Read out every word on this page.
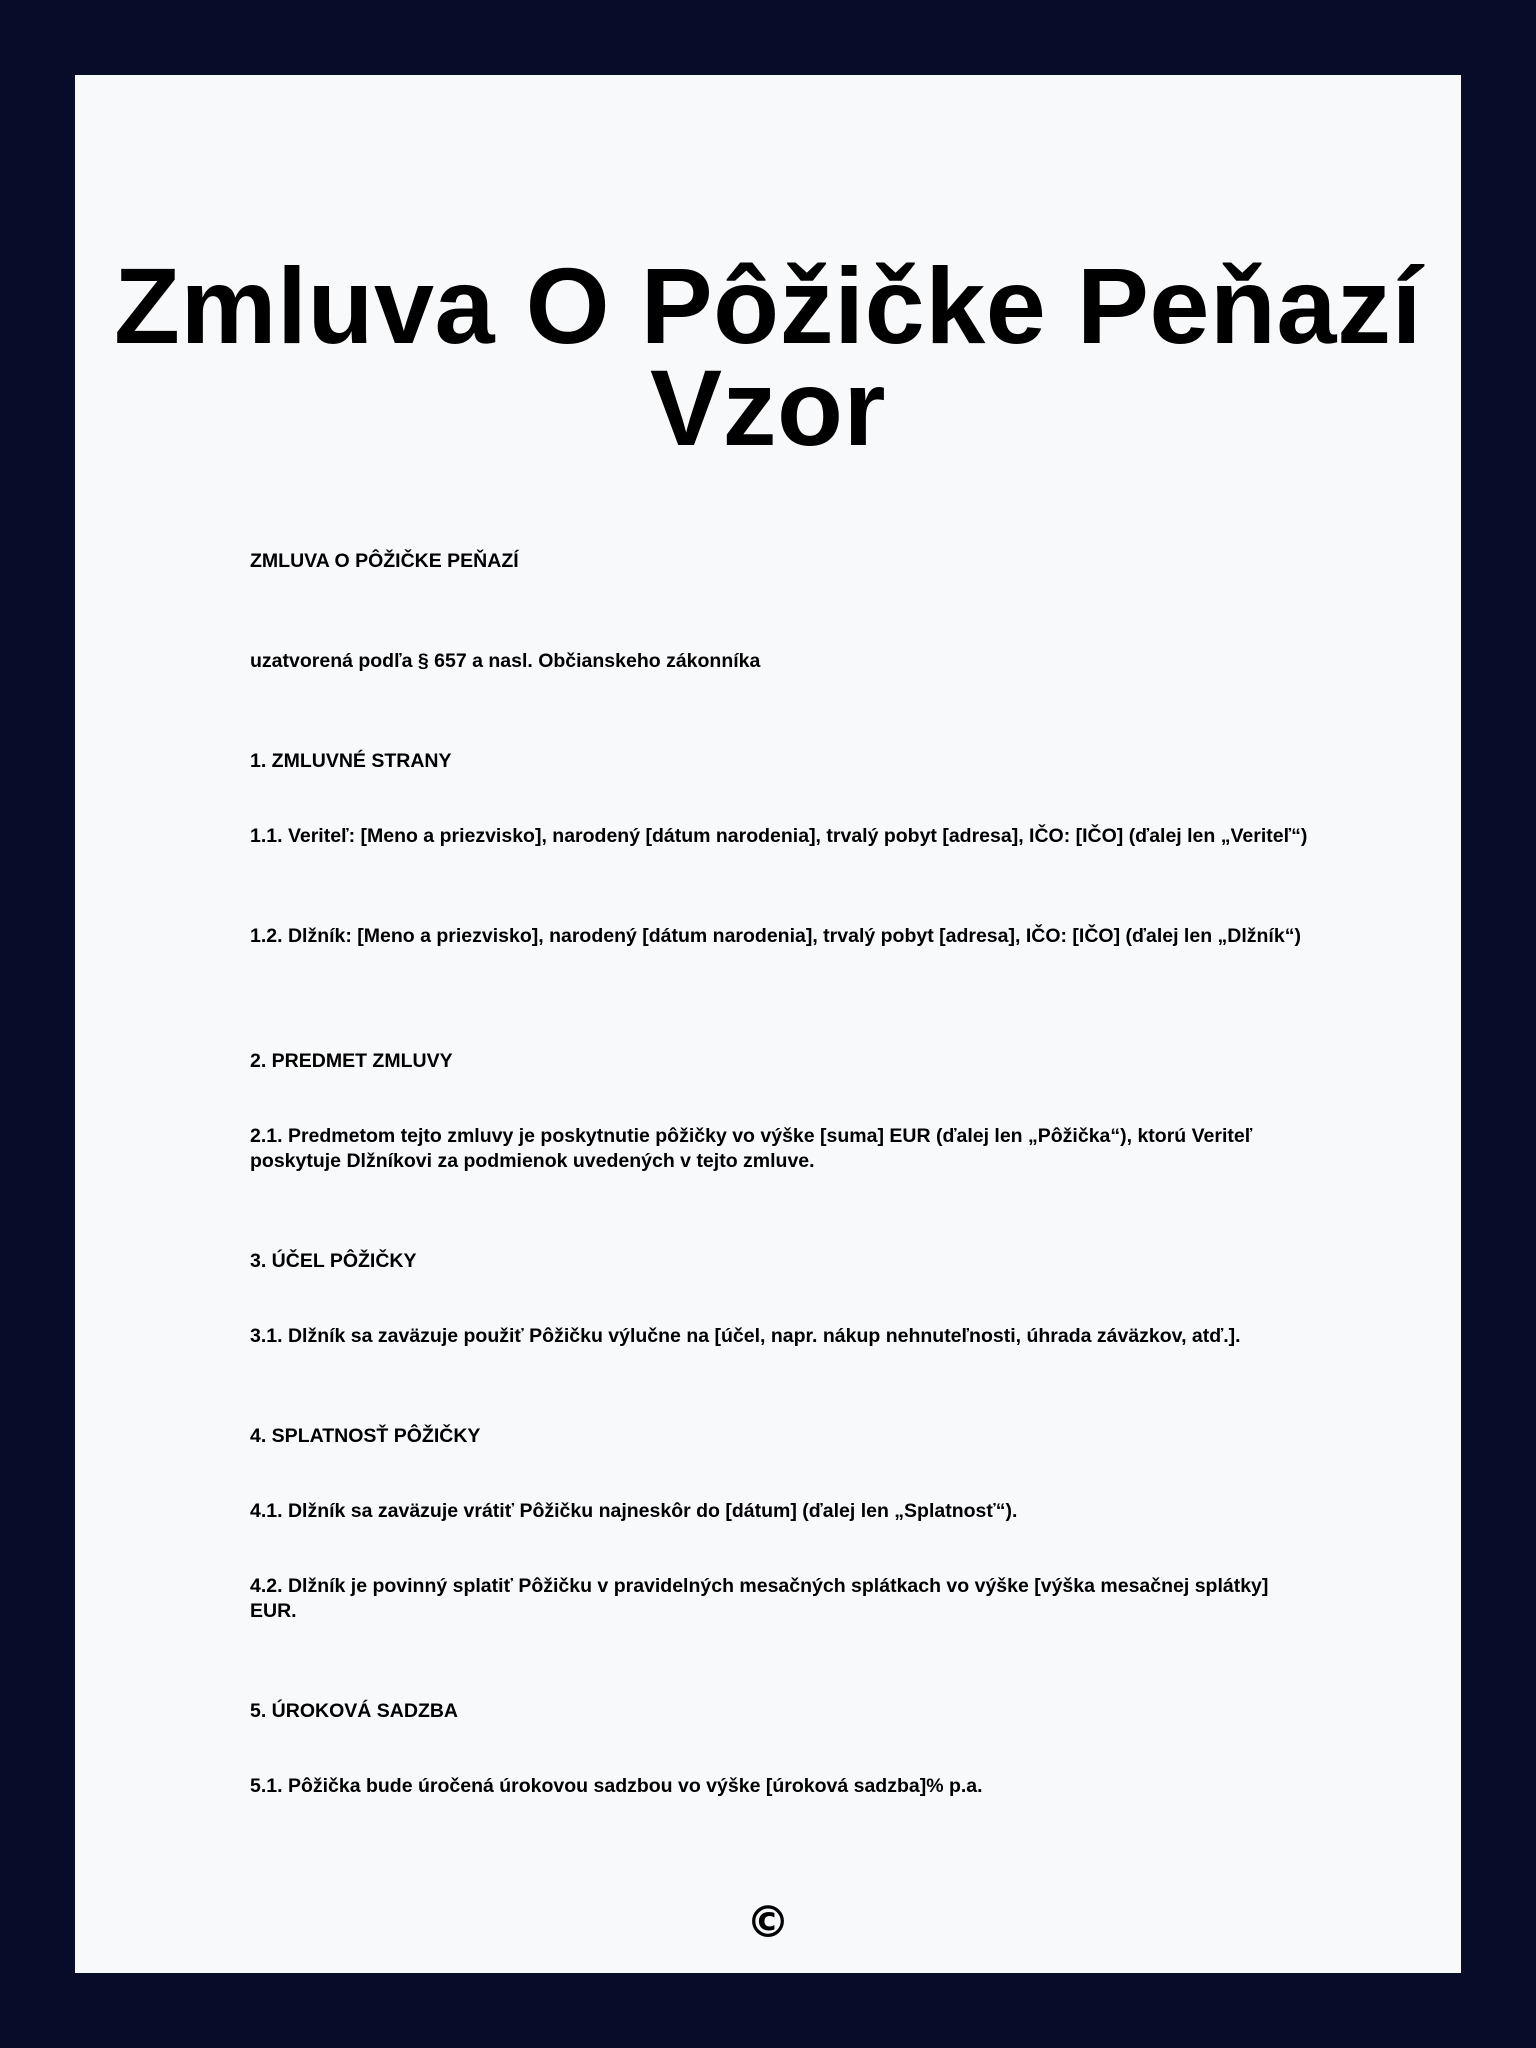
Zmluva O Pôžičke Peňazí Vzor

ZMLUVA O PÔŽIČKE PEŇAZÍ

uzatvorená podľa § 657 a nasl. Občianskeho zákonníka

1. ZMLUVNÉ STRANY

1.1. Veriteľ: [Meno a priezvisko], narodený [dátum narodenia], trvalý pobyt [adresa], IČO: [IČO] (ďalej len „Veriteľ“)

1.2. Dlžník: [Meno a priezvisko], narodený [dátum narodenia], trvalý pobyt [adresa], IČO: [IČO] (ďalej len „Dlžník“)

2. PREDMET ZMLUVY

2.1. Predmetom tejto zmluvy je poskytnutie pôžičky vo výške [suma] EUR (ďalej len „Pôžička“), ktorú Veriteľ poskytuje Dlžníkovi za podmienok uvedených v tejto zmluve.

3. ÚČEL PÔŽIČKY

3.1. Dlžník sa zaväzuje použiť Pôžičku výlučne na [účel, napr. nákup nehnuteľnosti, úhrada záväzkov, atď.].

4. SPLATNOSŤ PÔŽIČKY

4.1. Dlžník sa zaväzuje vrátiť Pôžičku najneskôr do [dátum] (ďalej len „Splatnosť“).

4.2. Dlžník je povinný splatiť Pôžičku v pravidelných mesačných splátkach vo výške [výška mesačnej splátky] EUR.

5. ÚROKOVÁ SADZBA

5.1. Pôžička bude úročená úrokovou sadzbou vo výške [úroková sadzba]% p.a.

©
